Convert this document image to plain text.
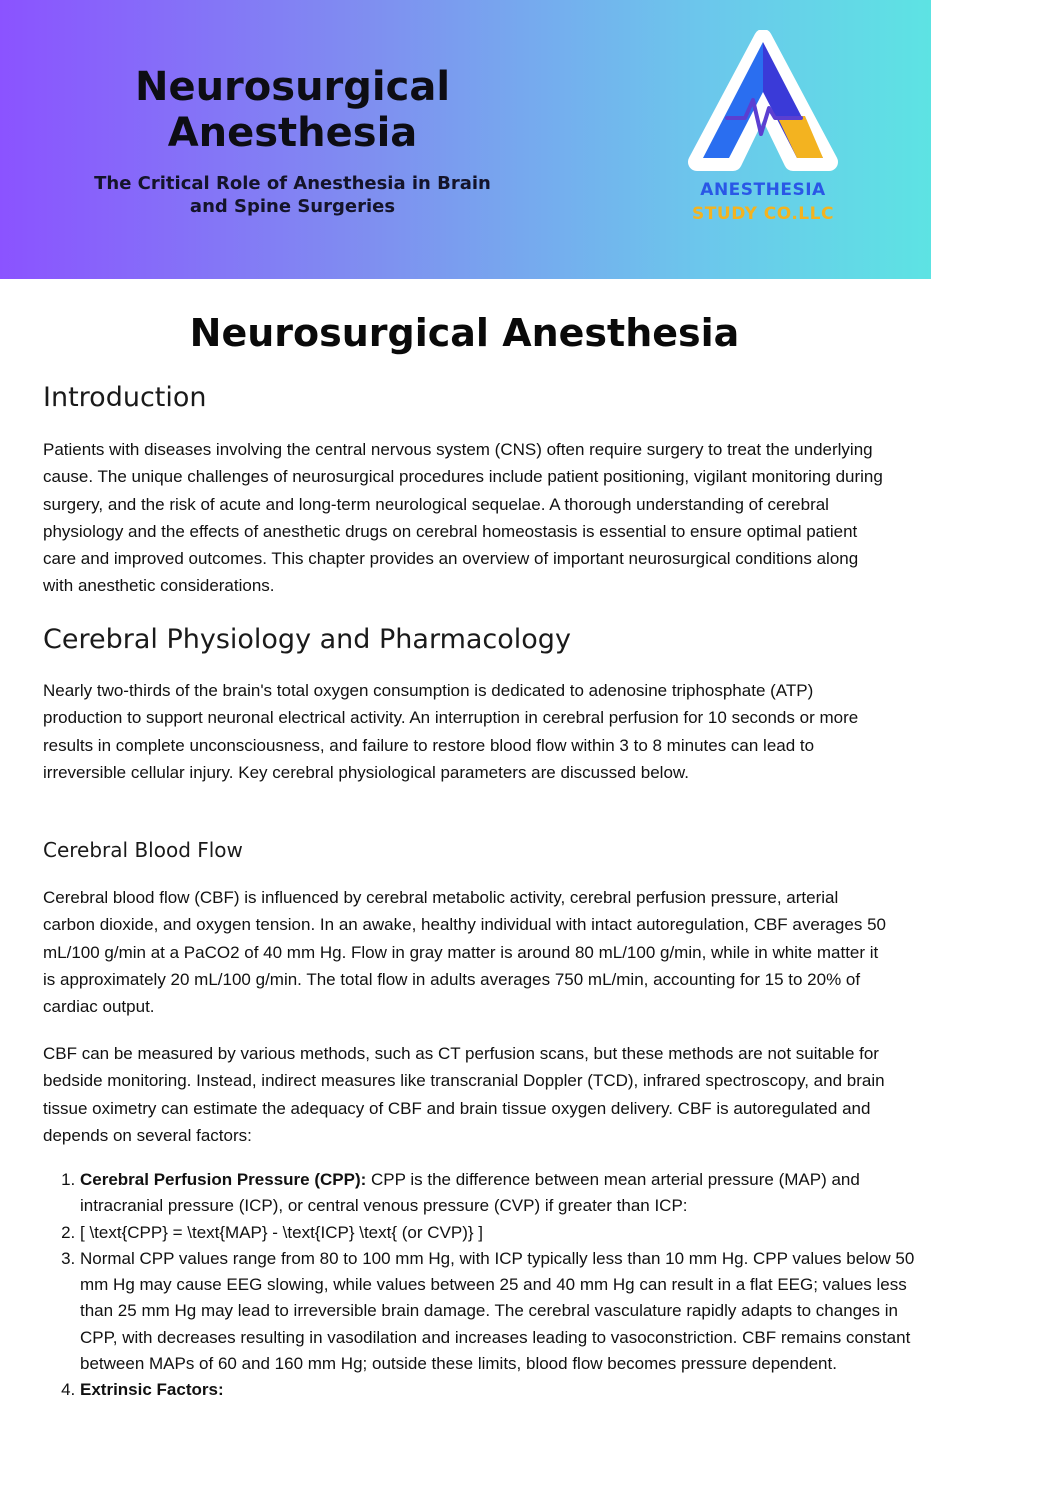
Neurosurgical Anesthesia

The Critical Role of Anesthesia in Brain and Spine Surgeries

ANESTHESIA
STUDY CO.LLC
Neurosurgical Anesthesia
Introduction

Patients with diseases involving the central nervous system (CNS) often require surgery to treat the underlying cause. The unique challenges of neurosurgical procedures include patient positioning, vigilant monitoring during surgery, and the risk of acute and long-term neurological sequelae. A thorough understanding of cerebral physiology and the effects of anesthetic drugs on cerebral homeostasis is essential to ensure optimal patient care and improved outcomes. This chapter provides an overview of important neurosurgical conditions along with anesthetic considerations.

Cerebral Physiology and Pharmacology

Nearly two-thirds of the brain's total oxygen consumption is dedicated to adenosine triphosphate (ATP) production to support neuronal electrical activity. An interruption in cerebral perfusion for 10 seconds or more results in complete unconsciousness, and failure to restore blood flow within 3 to 8 minutes can lead to irreversible cellular injury. Key cerebral physiological parameters are discussed below.

Cerebral Blood Flow

Cerebral blood flow (CBF) is influenced by cerebral metabolic activity, cerebral perfusion pressure, arterial carbon dioxide, and oxygen tension. In an awake, healthy individual with intact autoregulation, CBF averages 50 mL/100 g/min at a PaCO2 of 40 mm Hg. Flow in gray matter is around 80 mL/100 g/min, while in white matter it is approximately 20 mL/100 g/min. The total flow in adults averages 750 mL/min, accounting for 15 to 20% of cardiac output.

CBF can be measured by various methods, such as CT perfusion scans, but these methods are not suitable for bedside monitoring. Instead, indirect measures like transcranial Doppler (TCD), infrared spectroscopy, and brain tissue oximetry can estimate the adequacy of CBF and brain tissue oxygen delivery. CBF is autoregulated and depends on several factors:

1. Cerebral Perfusion Pressure (CPP): CPP is the difference between mean arterial pressure (MAP) and intracranial pressure (ICP), or central venous pressure (CVP) if greater than ICP:
2. [ \text{CPP} = \text{MAP} - \text{ICP} \text{ (or CVP)} ]
3. Normal CPP values range from 80 to 100 mm Hg, with ICP typically less than 10 mm Hg. CPP values below 50 mm Hg may cause EEG slowing, while values between 25 and 40 mm Hg can result in a flat EEG; values less than 25 mm Hg may lead to irreversible brain damage. The cerebral vasculature rapidly adapts to changes in CPP, with decreases resulting in vasodilation and increases leading to vasoconstriction. CBF remains constant between MAPs of 60 and 160 mm Hg; outside these limits, blood flow becomes pressure dependent.
4. Extrinsic Factors:
